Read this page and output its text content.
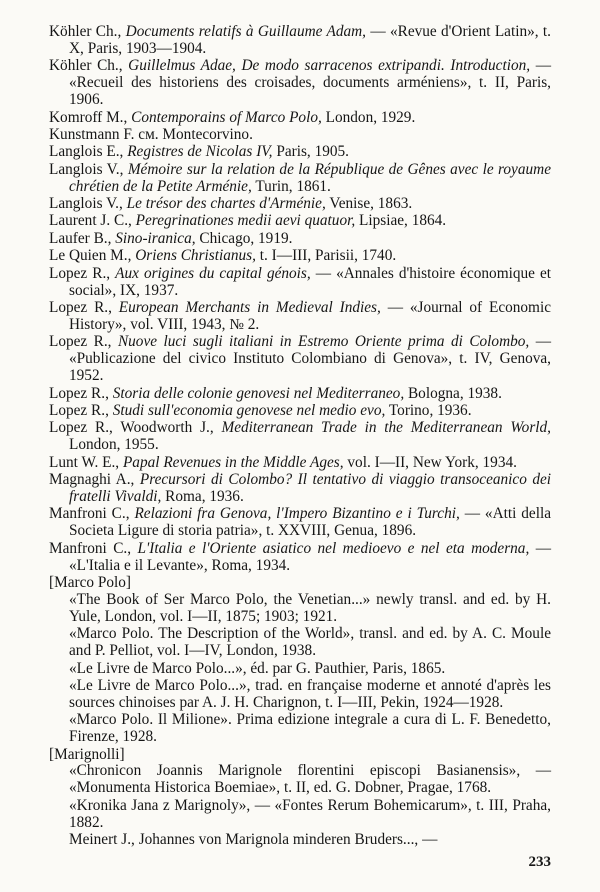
Köhler Ch., Documents relatifs à Guillaume Adam, — «Revue d'Orient Latin», t. X, Paris, 1903—1904.
Köhler Ch., Guillelmus Adae, De modo sarracenos extripandi. Introduction, — «Recueil des historiens des croisades, documents arméniens», t. II, Paris, 1906.
Komroff M., Contemporains of Marco Polo, London, 1929.
Kunstmann F. см. Montecorvino.
Langlois E., Registres de Nicolas IV, Paris, 1905.
Langlois V., Mémoire sur la relation de la République de Gênes avec le royaume chrétien de la Petite Arménie, Turin, 1861.
Langlois V., Le trésor des chartes d'Arménie, Venise, 1863.
Laurent J. C., Peregrinationes medii aevi quatuor, Lipsiae, 1864.
Laufer B., Sino-iranica, Chicago, 1919.
Le Quien M., Oriens Christianus, t. I—III, Parisii, 1740.
Lopez R., Aux origines du capital génois, — «Annales d'histoire économique et social», IX, 1937.
Lopez R., European Merchants in Medieval Indies, — «Journal of Economic History», vol. VIII, 1943, № 2.
Lopez R., Nuove luci sugli italiani in Estremo Oriente prima di Colombo, — «Publicazione del civico Instituto Colombiano di Genova», t. IV, Genova, 1952.
Lopez R., Storia delle colonie genovesi nel Mediterraneo, Bologna, 1938.
Lopez R., Studi sull'economia genovese nel medio evo, Torino, 1936.
Lopez R., Woodworth J., Mediterranean Trade in the Mediterranean World, London, 1955.
Lunt W. E., Papal Revenues in the Middle Ages, vol. I—II, New York, 1934.
Magnaghi A., Precursori di Colombo? Il tentativo di viaggio transoceanico dei fratelli Vivaldi, Roma, 1936.
Manfroni C., Relazioni fra Genova, l'Impero Bizantino e i Turchi, — «Atti della Societa Ligure di storia patria», t. XXVIII, Genua, 1896.
Manfroni C., L'Italia e l'Oriente asiatico nel medioevo e nel eta moderna, — «L'Italia e il Levante», Roma, 1934.
[Marco Polo]
«The Book of Ser Marco Polo, the Venetian...» newly transl. and ed. by H. Yule, London, vol. I—II, 1875; 1903; 1921.
«Marco Polo. The Description of the World», transl. and ed. by A. C. Moule and P. Pelliot, vol. I—IV, London, 1938.
«Le Livre de Marco Polo...», éd. par G. Pauthier, Paris, 1865.
«Le Livre de Marco Polo...», trad. en française moderne et annoté d'après les sources chinoises par A. J. H. Charignon, t. I—III, Pekin, 1924—1928.
«Marco Polo. Il Milione». Prima edizione integrale a cura di L. F. Benedetto, Firenze, 1928.
[Marignolli]
«Chronicon Joannis Marignole florentini episcopi Basianensis», — «Monumenta Historica Boemiae», t. II, ed. G. Dobner, Pragae, 1768.
«Kronika Jana z Marignoly», — «Fontes Rerum Bohemicarum», t. III, Praha, 1882.
Meinert J., Johannes von Marignola minderen Bruders..., —
233
